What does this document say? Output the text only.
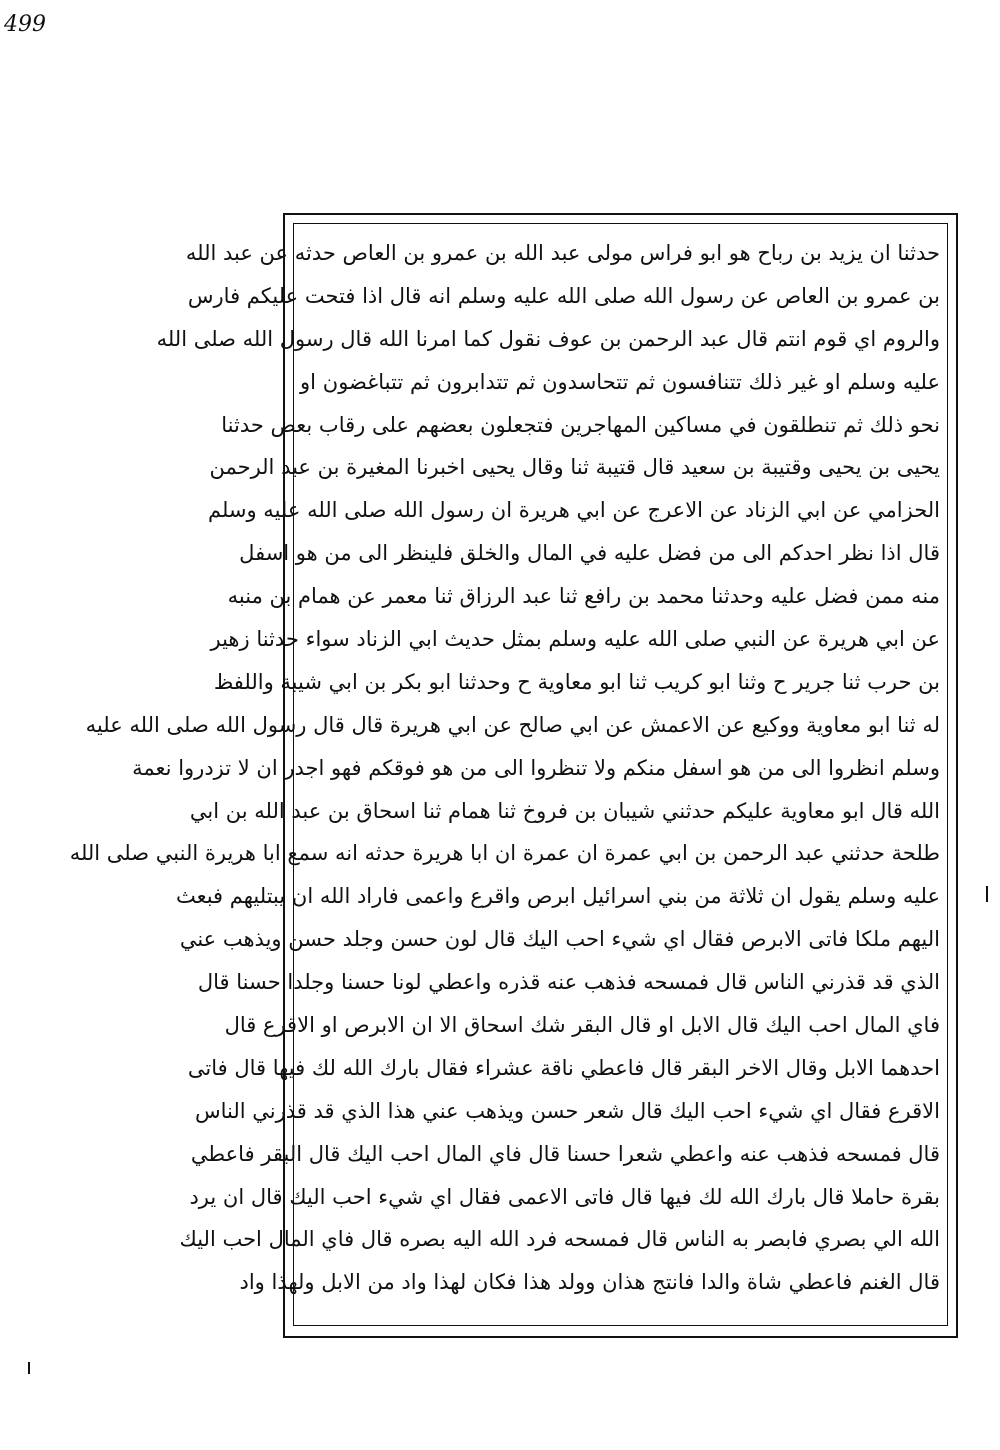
499
حدثنا ان يزيد بن رباح هو ابو فراس مولى عبد الله بن عمرو بن العاص حدثه عن عبد الله
بن عمرو بن العاص عن رسول الله صلى الله عليه وسلم انه قال اذا فتحت عليكم فارس
والروم اي قوم انتم قال عبد الرحمن بن عوف نقول كما امرنا الله قال رسول الله صلى الله
عليه وسلم او غير ذلك تتنافسون ثم تتحاسدون ثم تتدابرون ثم تتباغضون او
نحو ذلك ثم تنطلقون في مساكين المهاجرين فتجعلون بعضهم على رقاب بعض حدثنا
يحيى بن يحيى وقتيبة بن سعيد قال قتيبة ثنا وقال يحيى اخبرنا المغيرة بن عبد الرحمن
الحزامي عن ابي الزناد عن الاعرج عن ابي هريرة ان رسول الله صلى الله عليه وسلم
قال اذا نظر احدكم الى من فضل عليه في المال والخلق فلينظر الى من هو اسفل
منه ممن فضل عليه وحدثنا محمد بن رافع ثنا عبد الرزاق ثنا معمر عن همام بن منبه
عن ابي هريرة عن النبي صلى الله عليه وسلم بمثل حديث ابي الزناد سواء حدثنا زهير
بن حرب ثنا جرير ح وثنا ابو كريب ثنا ابو معاوية ح وحدثنا ابو بكر بن ابي شيبة واللفظ
له ثنا ابو معاوية ووكيع عن الاعمش عن ابي صالح عن ابي هريرة قال قال رسول الله صلى الله عليه
وسلم انظروا الى من هو اسفل منكم ولا تنظروا الى من هو فوقكم فهو اجدر ان لا تزدروا نعمة
الله قال ابو معاوية عليكم حدثني شيبان بن فروخ ثنا همام ثنا اسحاق بن عبد الله بن ابي
طلحة حدثني عبد الرحمن بن ابي عمرة ان عمرة ان ابا هريرة حدثه انه سمع ابا هريرة النبي صلى الله
عليه وسلم يقول ان ثلاثة من بني اسرائيل ابرص واقرع واعمى فاراد الله ان يبتليهم فبعث
اليهم ملكا فاتى الابرص فقال اي شيء احب اليك قال لون حسن وجلد حسن ويذهب عني
الذي قد قذرني الناس قال فمسحه فذهب عنه قذره واعطي لونا حسنا وجلدا حسنا قال
فاي المال احب اليك قال الابل او قال البقر شك اسحاق الا ان الابرص او الاقرع قال
احدهما الابل وقال الاخر البقر قال فاعطي ناقة عشراء فقال بارك الله لك فيها قال فاتى
الاقرع فقال اي شيء احب اليك قال شعر حسن ويذهب عني هذا الذي قد قذرني الناس
قال فمسحه فذهب عنه واعطي شعرا حسنا قال فاي المال احب اليك قال البقر فاعطي
بقرة حاملا قال بارك الله لك فيها قال فاتى الاعمى فقال اي شيء احب اليك قال ان يرد
الله الي بصري فابصر به الناس قال فمسحه فرد الله اليه بصره قال فاي المال احب اليك
قال الغنم فاعطي شاة والدا فانتج هذان وولد هذا فكان لهذا واد من الابل ولهذا واد
